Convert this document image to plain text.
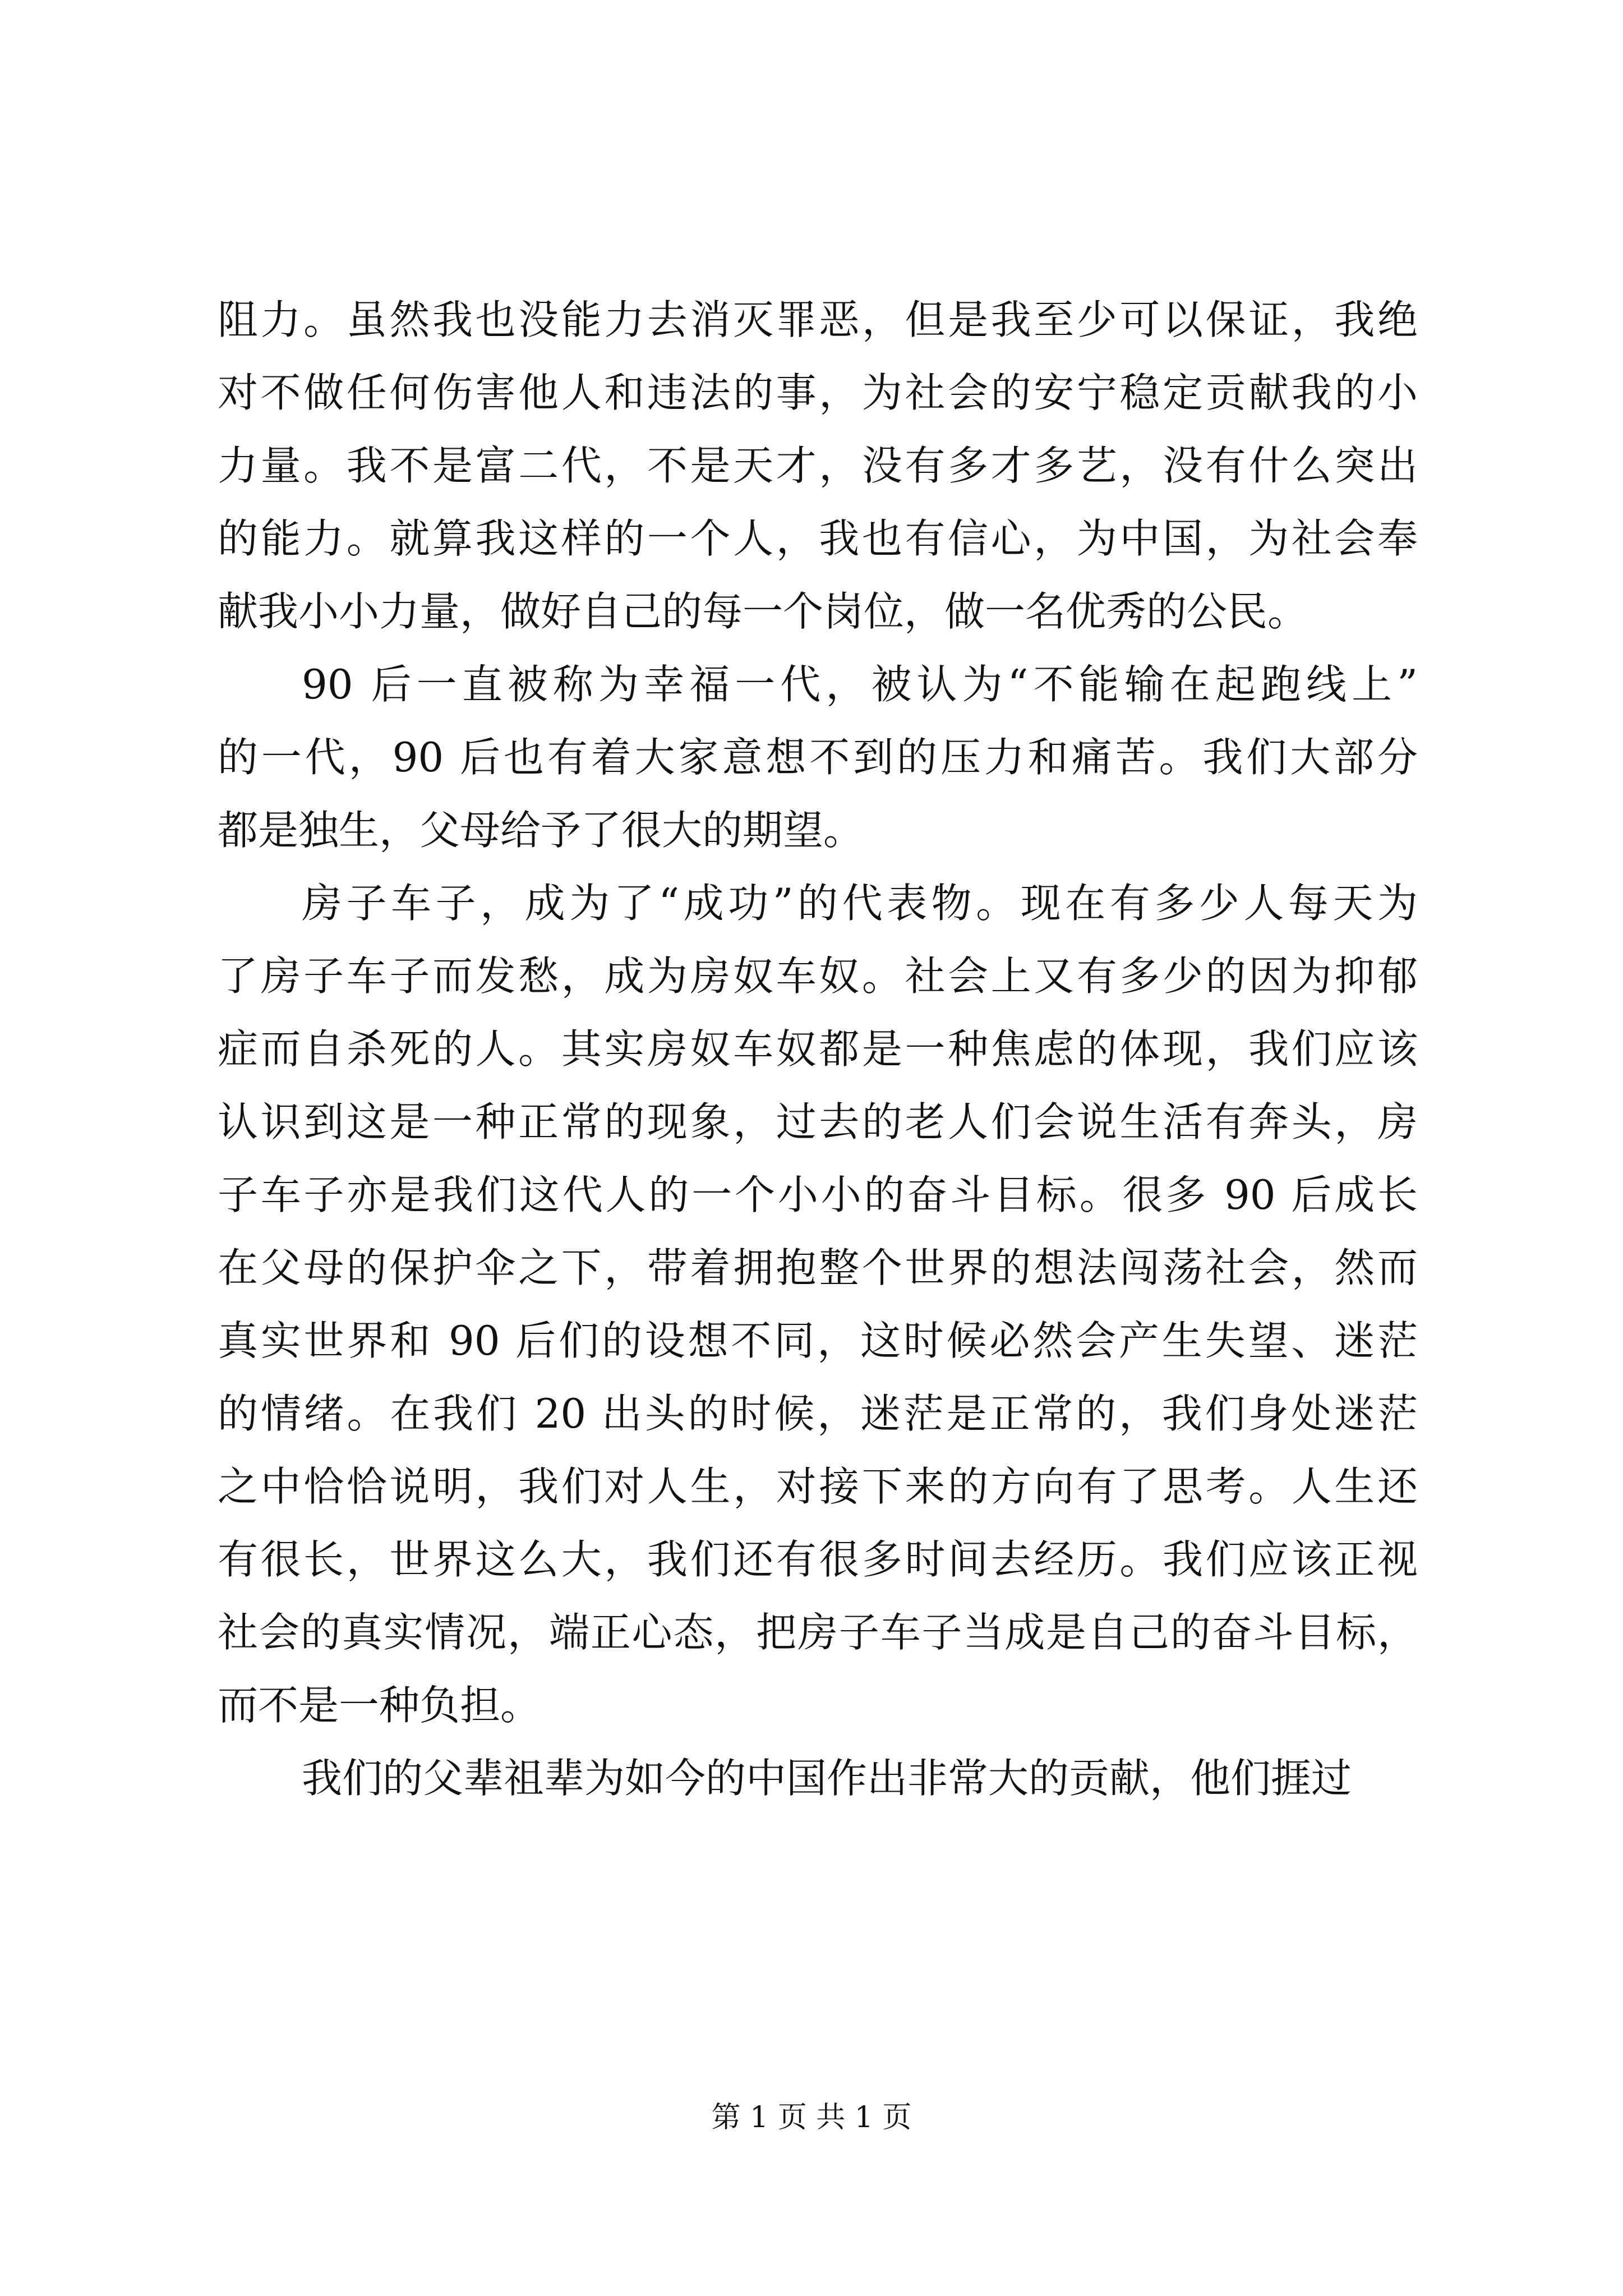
阻力。虽然我也没能力去消灭罪恶，但是我至少可以保证，我绝
对不做任何伤害他人和违法的事，为社会的安宁稳定贡献我的小
力量。我不是富二代，不是天才，没有多才多艺，没有什么突出
的能力。就算我这样的一个人，我也有信心，为中国，为社会奉
献我小小力量，做好自己的每一个岗位，做一名优秀的公民。
90 后一直被称为幸福一代，被认为“不能输在起跑线上”
的一代，90 后也有着大家意想不到的压力和痛苦。我们大部分
都是独生，父母给予了很大的期望。
房子车子，成为了“成功”的代表物。现在有多少人每天为
了房子车子而发愁，成为房奴车奴。社会上又有多少的因为抑郁
症而自杀死的人。其实房奴车奴都是一种焦虑的体现，我们应该
认识到这是一种正常的现象，过去的老人们会说生活有奔头，房
子车子亦是我们这代人的一个小小的奋斗目标。很多 90 后成长
在父母的保护伞之下，带着拥抱整个世界的想法闯荡社会，然而
真实世界和 90 后们的设想不同，这时候必然会产生失望、迷茫
的情绪。在我们 20 出头的时候，迷茫是正常的，我们身处迷茫
之中恰恰说明，我们对人生，对接下来的方向有了思考。人生还
有很长，世界这么大，我们还有很多时间去经历。我们应该正视
社会的真实情况，端正心态，把房子车子当成是自己的奋斗目标，
而不是一种负担。
我们的父辈祖辈为如今的中国作出非常大的贡献，他们捱过
第 1 页 共 1 页
